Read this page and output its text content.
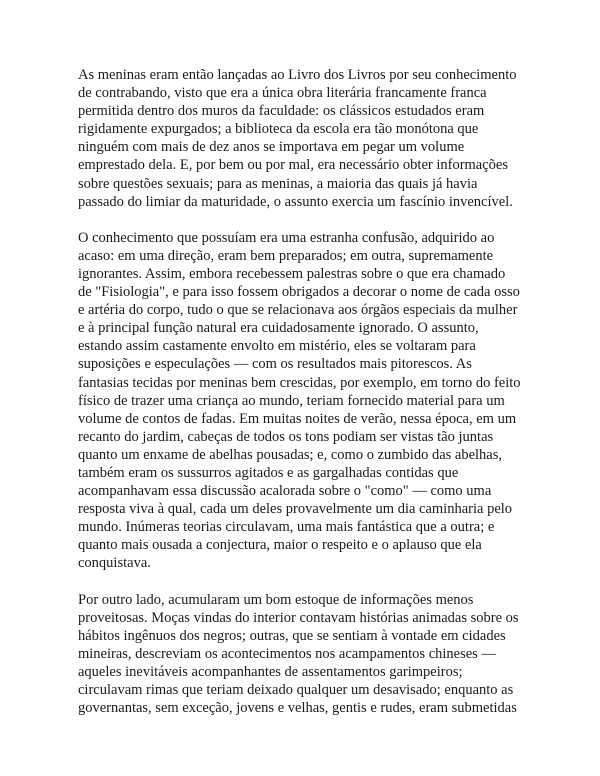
As meninas eram então lançadas ao Livro dos Livros por seu conhecimento
de contrabando, visto que era a única obra literária francamente franca
permitida dentro dos muros da faculdade: os clássicos estudados eram
rigidamente expurgados; a biblioteca da escola era tão monótona que
ninguém com mais de dez anos se importava em pegar um volume
emprestado dela. E, por bem ou por mal, era necessário obter informações
sobre questões sexuais; para as meninas, a maioria das quais já havia
passado do limiar da maturidade, o assunto exercia um fascínio invencível.
O conhecimento que possuíam era uma estranha confusão, adquirido ao
acaso: em uma direção, eram bem preparados; em outra, supremamente
ignorantes. Assim, embora recebessem palestras sobre o que era chamado
de "Fisiologia", e para isso fossem obrigados a decorar o nome de cada osso
e artéria do corpo, tudo o que se relacionava aos órgãos especiais da mulher
e à principal função natural era cuidadosamente ignorado. O assunto,
estando assim castamente envolto em mistério, eles se voltaram para
suposições e especulações — com os resultados mais pitorescos. As
fantasias tecidas por meninas bem crescidas, por exemplo, em torno do feito
físico de trazer uma criança ao mundo, teriam fornecido material para um
volume de contos de fadas. Em muitas noites de verão, nessa época, em um
recanto do jardim, cabeças de todos os tons podiam ser vistas tão juntas
quanto um enxame de abelhas pousadas; e, como o zumbido das abelhas,
também eram os sussurros agitados e as gargalhadas contidas que
acompanhavam essa discussão acalorada sobre o "como" — como uma
resposta viva à qual, cada um deles provavelmente um dia caminharia pelo
mundo. Inúmeras teorias circulavam, uma mais fantástica que a outra; e
quanto mais ousada a conjectura, maior o respeito e o aplauso que ela
conquistava.
Por outro lado, acumularam um bom estoque de informações menos
proveitosas. Moças vindas do interior contavam histórias animadas sobre os
hábitos ingênuos dos negros; outras, que se sentiam à vontade em cidades
mineiras, descreviam os acontecimentos nos acampamentos chineses —
aqueles inevitáveis acompanhantes de assentamentos garimpeiros;
circulavam rimas que teriam deixado qualquer um desavisado; enquanto as
governantas, sem exceção, jovens e velhas, gentis e rudes, eram submetidas
